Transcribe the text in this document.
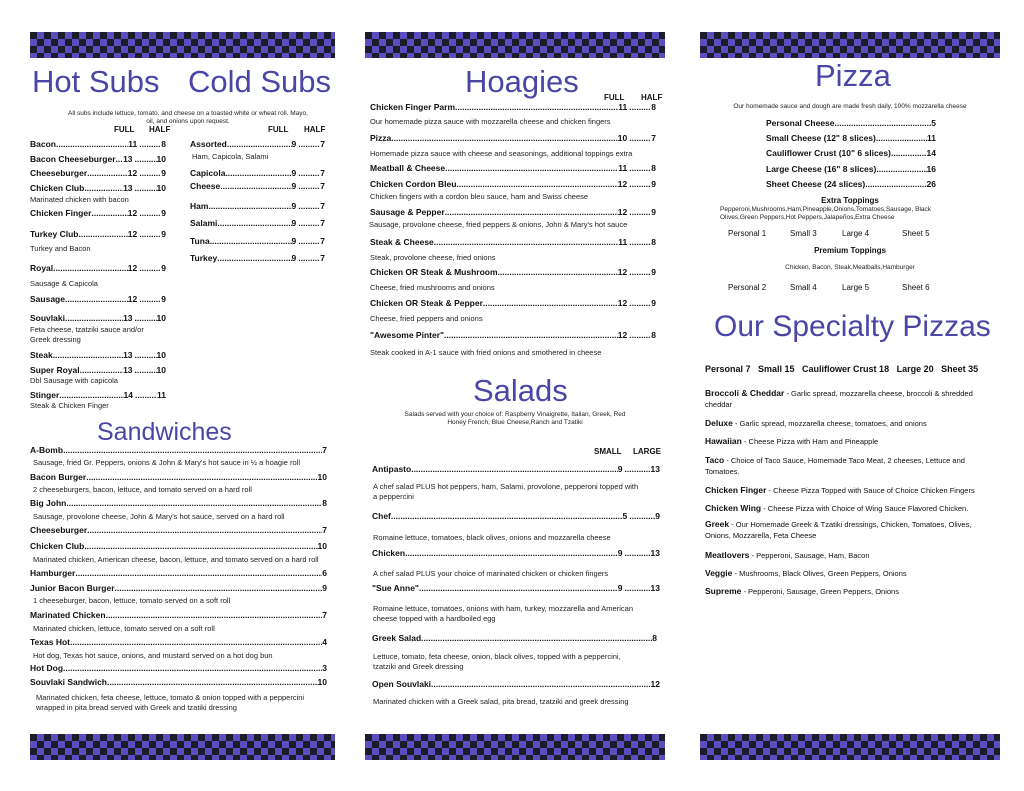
Hot Subs Cold Subs
All subs include lettuce, tomato, and cheese on a toasted white or wheat roll. Mayo, oil, and onions upon request.
FULL HALF	FULL HALF
Bacon .....	11 .....	8
Bacon Cheeseburger ..... 13 .....	10
Cheeseburger .....	12 .....	9
Chicken Club .....	13 .....	10
Marinated chicken with bacon
Chicken Finger .....	12 .....	9
Turkey Club .....	12 .....	9
Turkey and Bacon
Royal .....	12 .....	9
Sausage & Capicola
Sausage .....	12 .....	9
Souvlaki .....	13 .....	10
Feta cheese, tzatziki sauce and/or Greek dressing
Steak .....	13 .....	10
Super Royal .....	13 .....	10
Dbl Sausage with capicola
Stinger .....	14 .....	11
Steak & Chicken Finger
Assorted .....	9 .....	7
Ham, Capicola, Salami
Capicola .....	9 .....	7
Cheese .....	9 .....	7
Ham .....	9 .....	7
Salami .....	9 .....	7
Tuna .....	9 .....	7
Turkey .....	9 .....	7
Sandwiches
A-Bomb .....	7
Sausage, fried Gr. Peppers, onions & John & Mary's hot sauce in ½ a hoagie roll
Bacon Burger .....	10
2 cheeseburgers, bacon, lettuce, and tomato served on a hard roll
Big John .....	8
Sausage, provolone cheese, John & Mary's hot sauce, served on a hard roll
Cheeseburger .....	7
Chicken Club .....	10
Marinated chicken, American cheese, bacon, lettuce, and tomato served on a hard roll
Hamburger .....	6
Junior Bacon Burger .....	9
1 cheeseburger, bacon, lettuce, tomato served on a soft roll
Marinated Chicken .....	7
Marinated chicken, lettuce, tomato served on a soft roll
Texas Hot .....	4
Hot dog, Texas hot sauce, onions, and mustard served on a hot dog bun
Hot Dog .....	3
Souvlaki Sandwich .....	10
Marinated chicken, feta cheese, lettuce, tomato & onion topped with a peppercini wrapped in pita bread served with Greek and tzatiki dressing
Hoagies	FULL HALF
Chicken Finger Parm .....	11 .....	8
Our homemade pizza sauce with mozzarella cheese and chicken fingers
Pizza .....	10 .....	7
Homemade pizza sauce with cheese and seasonings, additional toppings extra
Meatball & Cheese .....	11 .....	8
Chicken Cordon Bleu .....	12 .....	9
Chicken fingers with a cordon bleu sauce, ham and Swiss cheese
Sausage & Pepper .....	12 .....	9
Sausage, provolone cheese, fried peppers & onions, John & Mary's hot sauce
Steak & Cheese .....	11 .....	8
Steak, provolone cheese, fried onions
Chicken OR Steak & Mushroom .....	12 .....	9
Cheese, fried mushrooms and onions
Chicken OR Steak & Pepper .....	12 .....	9
Cheese, fried peppers and onions
"Awesome Pinter" .....	12 .....	8
Steak cooked in A-1 sauce with fried onions and smothered in cheese
Salads
Salads served with your choice of: Raspberry Vinaigrette, Italian, Greek, Red Honey French, Blue Cheese,Ranch and Tzatiki
SMALL LARGE
Antipasto .....	9 .....	13
A chef salad PLUS hot peppers, ham, Salami, provolone, pepperoni topped with a peppercini
Chef .....	5 .....	9
Romaine lettuce, tomatoes, black olives, onions and mozzarella cheese
Chicken .....	9 .....	13
A chef salad PLUS your choice of marinated chicken or chicken fingers
"Sue Anne" .....	9 .....	13
Romaine lettuce, tomatoes, onions with ham, turkey, mozzarella and American cheese topped with a hardboiled egg
Greek Salad .....	8
Lettuce, tomato, feta cheese, onion, black olives, topped with a peppercini, tzatziki and Greek dressing
Open Souvlaki .....	12
Marinated chicken with a Greek salad, pita bread, tzatziki and greek dressing
Pizza
Our homemade sauce and dough are made fresh daily, 100% mozzarella cheese
Personal Cheese .....	5
Small Cheese (12" 8 slices) .....	11
Cauliflower Crust (10" 6 slices) .....	14
Large Cheese (16" 8 slices) .....	16
Sheet Cheese (24 slices) .....	26
Extra Toppings
Pepperoni,Mushrooms,Ham,Pineapple,Onions,Tomatoes,Sausage, Black Olives,Green Peppers,Hot Peppers,Jalapeños,Extra Cheese
Personal 1	Small 3	Large 4	Sheet 5
Premium Toppings
Chicken, Bacon, Steak,Meatballs,Hamburger
Personal 2	Small 4	Large 5	Sheet 6
Our Specialty Pizzas
Personal 7   Small 15   Cauliflower Crust 18   Large 20   Sheet 35
Broccoli & Cheddar - Garlic spread, mozzarella cheese, broccoli & shredded cheddar
Deluxe - Garlic spread, mozzarella cheese, tomatoes, and onions
Hawaiian - Cheese Pizza with Ham and Pineapple
Taco - Choice of Taco Sauce, Homemade Taco Meat, 2 cheeses, Lettuce and Tomatoes.
Chicken Finger - Cheese Pizza Topped with Sauce of Choice Chicken Fingers
Chicken Wing - Cheese Pizza with Choice of Wing Sauce Flavored Chicken.
Greek - Our Homemade Greek & Tzatiki dressings, Chicken, Tomatoes, Olives, Onions, Mozzarella, Feta Cheese
Meatlovers - Pepperoni, Sausage, Ham, Bacon
Veggie - Mushrooms, Black Olives, Green Peppers, Onions
Supreme - Pepperoni, Sausage, Green Peppers, Onions
